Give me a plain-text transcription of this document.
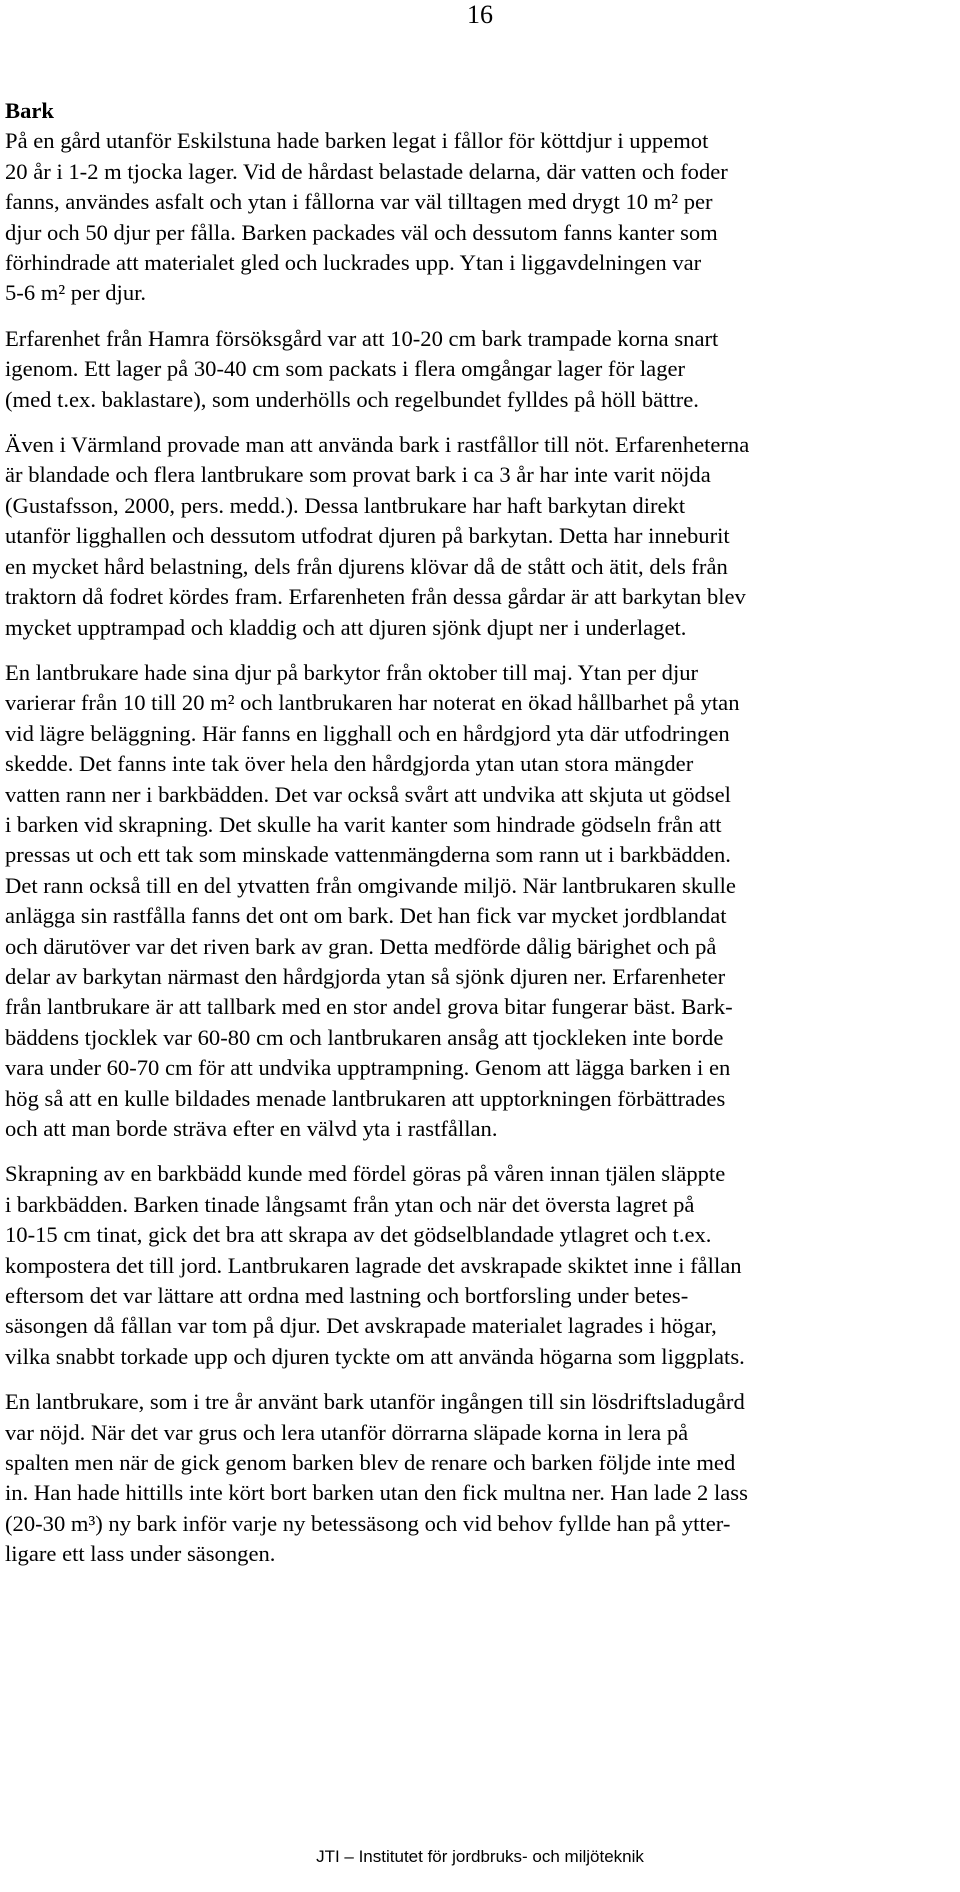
16

Bark

På en gård utanför Eskilstuna hade barken legat i fållor för köttdjur i uppemot
20 år i 1-2 m tjocka lager. Vid de hårdast belastade delarna, där vatten och foder
fanns, användes asfalt och ytan i fållorna var väl tilltagen med drygt 10 m² per
djur och 50 djur per fålla. Barken packades väl och dessutom fanns kanter som
förhindrade att materialet gled och luckrades upp. Ytan i liggavdelningen var
5-6 m² per djur.

Erfarenhet från Hamra försöksgård var att 10-20 cm bark trampade korna snart
igenom. Ett lager på 30-40 cm som packats i flera omgångar lager för lager
(med t.ex. baklastare), som underhölls och regelbundet fylldes på höll bättre.

Även i Värmland provade man att använda bark i rastfållor till nöt. Erfarenheterna
är blandade och flera lantbrukare som provat bark i ca 3 år har inte varit nöjda
(Gustafsson, 2000, pers. medd.). Dessa lantbrukare har haft barkytan direkt
utanför ligghallen och dessutom utfodrat djuren på barkytan. Detta har inneburit
en mycket hård belastning, dels från djurens klövar då de stått och ätit, dels från
traktorn då fodret kördes fram. Erfarenheten från dessa gårdar är att barkytan blev
mycket upptrampad och kladdig och att djuren sjönk djupt ner i underlaget.

En lantbrukare hade sina djur på barkytor från oktober till maj. Ytan per djur
varierar från 10 till 20 m² och lantbrukaren har noterat en ökad hållbarhet på ytan
vid lägre beläggning. Här fanns en ligghall och en hårdgjord yta där utfodringen
skedde. Det fanns inte tak över hela den hårdgjorda ytan utan stora mängder
vatten rann ner i barkbädden. Det var också svårt att undvika att skjuta ut gödsel
i barken vid skrapning. Det skulle ha varit kanter som hindrade gödseln från att
pressas ut och ett tak som minskade vattenmängderna som rann ut i barkbädden.
Det rann också till en del ytvatten från omgivande miljö. När lantbrukaren skulle
anlägga sin rastfålla fanns det ont om bark. Det han fick var mycket jordblandat
och därutöver var det riven bark av gran. Detta medförde dålig bärighet och på
delar av barkytan närmast den hårdgjorda ytan så sjönk djuren ner. Erfarenheter
från lantbrukare är att tallbark med en stor andel grova bitar fungerar bäst. Bark-
bäddens tjocklek var 60-80 cm och lantbrukaren ansåg att tjockleken inte borde
vara under 60-70 cm för att undvika upptrampning. Genom att lägga barken i en
hög så att en kulle bildades menade lantbrukaren att upptorkningen förbättrades
och att man borde sträva efter en välvd yta i rastfållan.

Skrapning av en barkbädd kunde med fördel göras på våren innan tjälen släppte
i barkbädden. Barken tinade långsamt från ytan och när det översta lagret på
10-15 cm tinat, gick det bra att skrapa av det gödselblandade ytlagret och t.ex.
kompostera det till jord. Lantbrukaren lagrade det avskrapade skiktet inne i fållan
eftersom det var lättare att ordna med lastning och bortforsling under betes-
säsongen då fållan var tom på djur. Det avskrapade materialet lagrades i högar,
vilka snabbt torkade upp och djuren tyckte om att använda högarna som liggplats.

En lantbrukare, som i tre år använt bark utanför ingången till sin lösdriftsladugård
var nöjd. När det var grus och lera utanför dörrarna släpade korna in lera på
spalten men när de gick genom barken blev de renare och barken följde inte med
in. Han hade hittills inte kört bort barken utan den fick multna ner. Han lade 2 lass
(20-30 m³) ny bark inför varje ny betessäsong och vid behov fyllde han på ytter-
ligare ett lass under säsongen.

JTI – Institutet för jordbruks- och miljöteknik
